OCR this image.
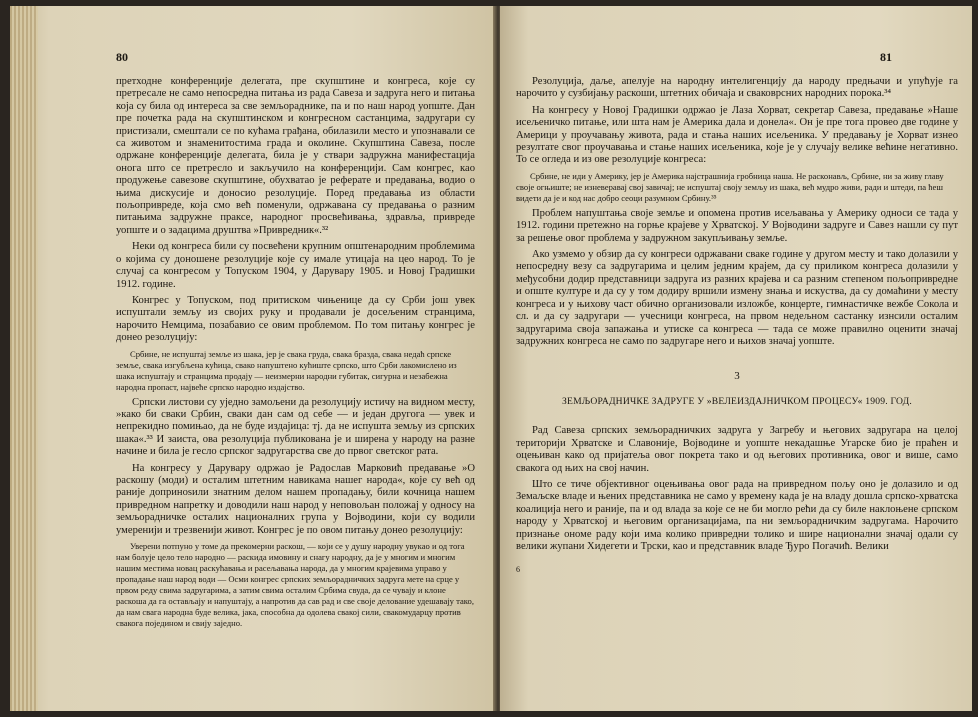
80

претходне конференције делегата, пре скупштине и конгреса, које су претресале не само непосредна питања из рада Савеза и задруга него и питања која су била од интереса за све земљораднике, па и по наш народ уопште. Дан пре почетка рада на скупштинском и конгресном састанцима, задругари су пристизали, смештали се по кућама грађана, обилазили место и упознавали се са животом и знаменитостима града и околине. Скупштина Савеза, после одржане конференције делегата, била је у ствари задружна манифестација онога што се претресло и закључило на конференцији. Сам конгрес, као продужење савезове скупштине, обухватао је реферате и предавања, водио о њима дискусије и доносио резолуције. Поред предавања из области пољопривреде, која смо већ поменули, одржавана су предавања о разним питањима задружне праксе, народног просвећивања, здравља, привреде уопште и о задацима друштва »Привредник«.³²

Неки од конгреса били су посвећени крупним општенародним проблемима о којима су доношене резолуције које су имале утицаја на цео народ. То је случај са конгресом у Топуском 1904, у Дарувару 1905. и Новој Градишки 1912. године.

Конгрес у Топуском, под притиском чињенице да су Срби још увек испуштали земљу из својих руку и продавали је досељеним странцима, нарочито Немцима, позабавио се овим проблемом. По том питању конгрес је донео резолуцију:

Србине, не испуштај земље из шака, јер је свака груда, свака бразда, свака недаћ српске земље, свака изгубљена кућица, свако напуштено кућиште српско, што Срби лакомислено из шака испуштају и странцима продају — неизмерни народни губитак, сигурна и незабежна народна пропаст, највеће српско народно издајство.

Српски листови су уједно замољени да резолуцију истичу на видном месту, »како би сваки Србин, сваки дан сам од себе — и један другога — увек и непрекидно помињао, да не буде издајица: тј. да не испушта земљу из српских шака«.³³ И заиста, ова резолуција публикована је и ширена у народу на разне начине и била је гесло српског задругарства све до првог светског рата.

На конгресу у Дарувару одржао је Радослав Марковић предавање »О раскошу (моди) и осталим штетним навикама нашег народа«, које су већ од раније допринosили знатним делом нашем пропадању, били кочница нашем привредном напретку и доводили наш народ у неповољан положај у односу на земљорадничке осталих националних група у Војводини, који су водили умеренији и трезвенији живот. Конгрес је по овом питању донео резолуцију:

Уверени потпуно у томе да прекомерни раскош, — који се у душу народну увукао и од тога нам болује цело тело народно — раскида имовину и снагу народну, да је у многим и многим нашим местима новац раскућавања и расељавања народа, да у многим крајевима управо у пропадање наш народ води — Осми конгрес српских земљорадничких задруга мете на срце у првом реду свима задругарима, а затим свима осталим Србима свуда, да се чувају и клоне раскоша да га остављају и напуштају, а напротив да сав рад и све своје делование удешавају тако, да нам свага народна буде велика, јака, способна да одолева свакој сили, свакомударцу против свакога поједином и свију заједно.

81

Резолуција, даље, апелује на народну интелигенцију да народу предњачи и упућује га нарочито у сузбијању раскоши, штетних обичаја и сваковрсних народних порока.³⁴

На конгресу у Новој Градишки одржао је Лаза Хорват, секретар Савеза, предавање »Наше исељеничко питање, или шта нам је Америка дала и донела«. Он је пре тога провео две године у Америци у проучавању живота, рада и стања наших исељеника. У предавању је Хорват изнео резултате свог проучавања и стање наших исељеника, које је у случају велике већине негативно. То се огледа и из ове резолуције конгреса:

Србине, не иди у Америку, јер је Америка најстрашнија гробница наша. Не расконављ, Србине, ни за живу главу своје огњиште; не изневеравај свој завичај; не испуштај своју земљу из шака, већ мудро живи, ради и штеди, па ћеш видети да је и код нас добро сеоци разумном Србину.³⁵

Проблем напуштања своје земље и опомена против исељавања у Америку односи се тада у 1912. години претежно на горње крајеве у Хрватској. У Војводини задруге и Савез нашли су пут за решење овог проблема у задружном закупљивању земље.

Ако узмемо у обзир да су конгреси одржавани сваке године у другом месту и тако долазили у непосредну везу са задругарима и целим једним крајем, да су приликом конгреса долазили у међусобни додир представници задруга из разних крајева и са разним степеном пољопривредне и опште културе и да су у том додиру вршили измену знања и искуства, да су домаћини у месту конгреса и у њихову част обично организовали изложбе, концерте, гимнастичке вежбе Сокола и сл. и да су задругари — учесници конгреса, на првом недељном састанку изнсили осталим задругарима своја запажања и утиске са конгреса — тада се може правилно оценити значај задружних конгреса не само по задругарe него и њихов значај уопште.

3
ЗЕМЉОРАДНИЧКЕ ЗАДРУГЕ У »ВЕЛЕИЗДАЈНИЧКОМ ПРОЦЕСУ« 1909. ГОД.

Рад Савеза српских земљорадничких задруга у Загребу и његових задругара на целој територији Хрватске и Славоније, Војводине и уопште некадашње Угарске био је праћен и оцењиван како од пријатеља овог покрета тако и од његових противника, овог и више, само свакога од њих на свој начин.

Што се тиче објективног оцењивања овог рада на привредном пољу оно је долазило и од Земаљске владе и њених представника не само у времену када је на владу дошла српско-хрватска коалиција него и раније, па и од влада за које се не би могло рећи да су биле наклоњене српском народу у Хрватској и његовим организацијама, па ни земљорадничким задругама. Нарочито признање ономе раду који има колико привредни толико и шире национални значај одали су велики жупани Хидегети и Трски, као и представник владе Ђуро Погачић. Велики

6
